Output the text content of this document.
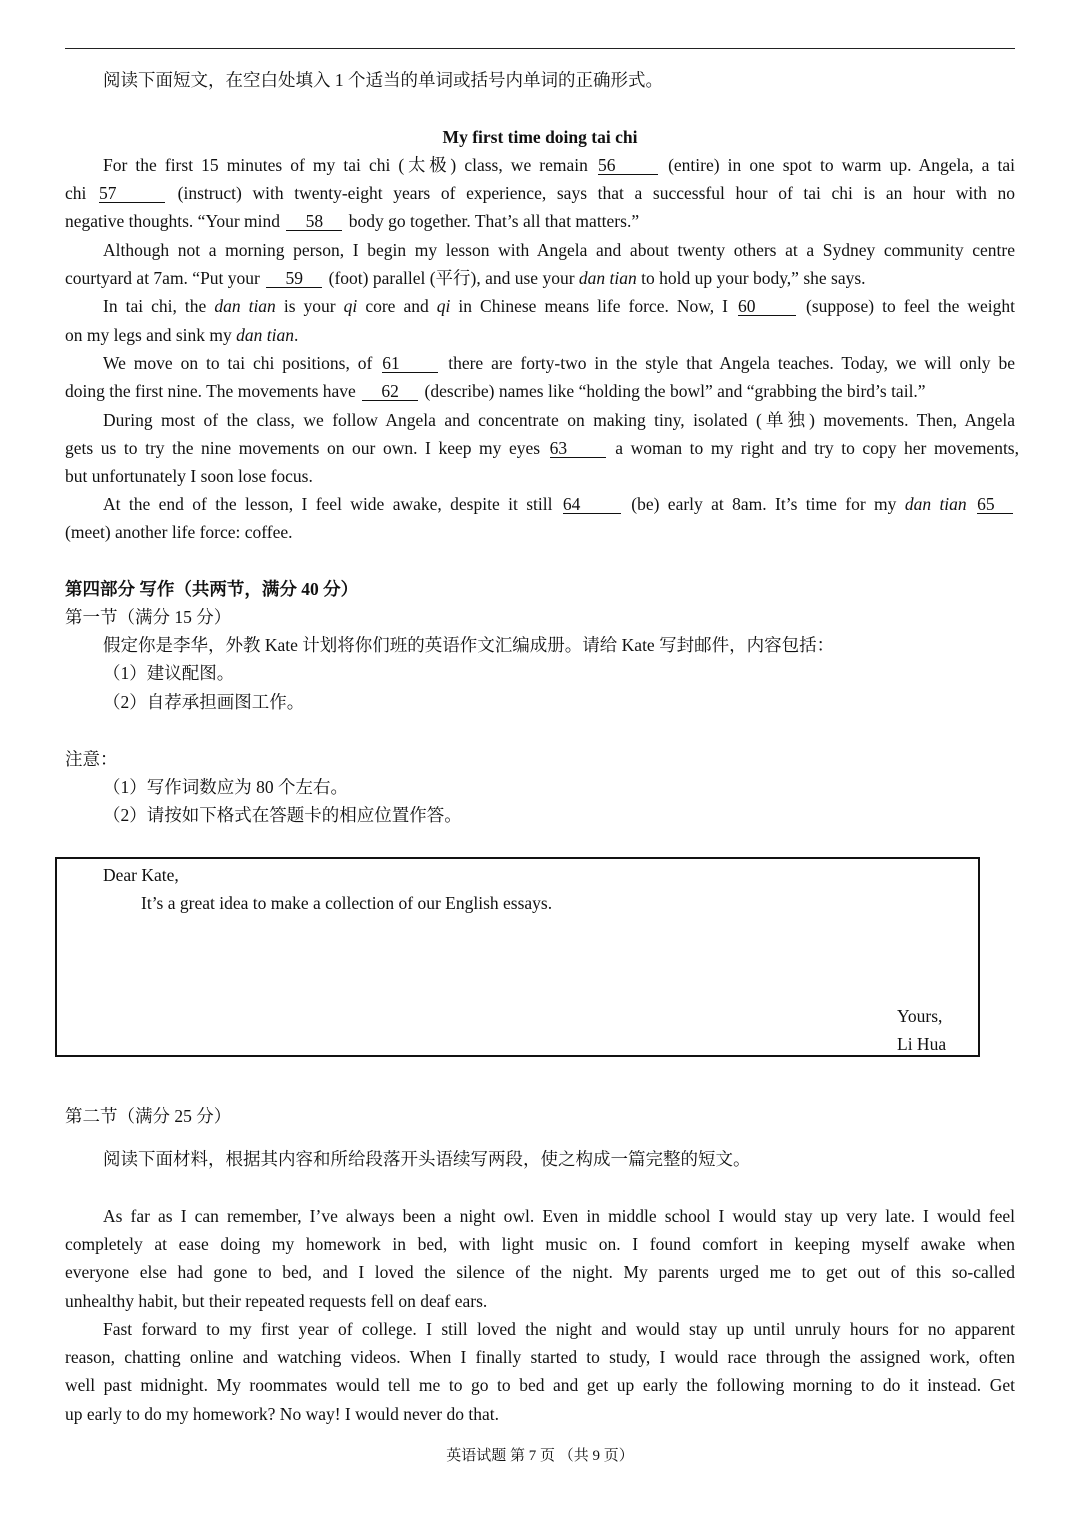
阅读下面短文，在空白处填入 1 个适当的单词或括号内单词的正确形式。
My first time doing tai chi
For the first 15 minutes of my tai chi (太极) class, we remain 56	(entire) in one spot to warm up. Angela, a tai
chi 57	(instruct) with twenty-eight years of experience, says that a successful hour of tai chi is an hour with no
negative thoughts. “Your mind 58 body go together. That’s all that matters.”
Although not a morning person, I begin my lesson with Angela and about twenty others at a Sydney community centre
courtyard at 7am. “Put your 59 (foot) parallel (平行), and use your dan tian to hold up your body,” she says.
In tai chi, the dan tian is your qi core and qi in Chinese means life force. Now, I 60	(suppose) to feel the weight
on my legs and sink my dan tian.
We move on to tai chi positions, of 61	there are forty-two in the style that Angela teaches. Today, we will only be
doing the first nine. The movements have 62 (describe) names like “holding the bowl” and “grabbing the bird’s tail.”
During most of the class, we follow Angela and concentrate on making tiny, isolated (单独) movements. Then, Angela
gets us to try the nine movements on our own. I keep my eyes 63	a woman to my right and try to copy her movements,
but unfortunately I soon lose focus.
At the end of the lesson, I feel wide awake, despite it still 64	(be) early at 8am. It’s time for my dan tian 65
(meet) another life force: coffee.
第四部分 写作（共两节，满分 40 分）
第一节（满分 15 分）
假定你是李华，外教 Kate 计划将你们班的英语作文汇编成册。请给 Kate 写封邮件，内容包括：
（1）建议配图。
（2）自荐承担画图工作。
注意：
（1）写作词数应为 80 个左右。
（2）请按如下格式在答题卡的相应位置作答。
Dear Kate,
It’s a great idea to make a collection of our English essays.
Yours,
Li Hua
第二节（满分 25 分）
阅读下面材料，根据其内容和所给段落开头语续写两段，使之构成一篇完整的短文。
As far as I can remember, I’ve always been a night owl. Even in middle school I would stay up very late. I would feel
completely at ease doing my homework in bed, with light music on. I found comfort in keeping myself awake when
everyone else had gone to bed, and I loved the silence of the night. My parents urged me to get out of this so-called
unhealthy habit, but their repeated requests fell on deaf ears.
Fast forward to my first year of college. I still loved the night and would stay up until unruly hours for no apparent
reason, chatting online and watching videos. When I finally started to study, I would race through the assigned work, often
well past midnight. My roommates would tell me to go to bed and get up early the following morning to do it instead. Get
up early to do my homework? No way! I would never do that.
英语试题 第 7 页 （共 9 页）
